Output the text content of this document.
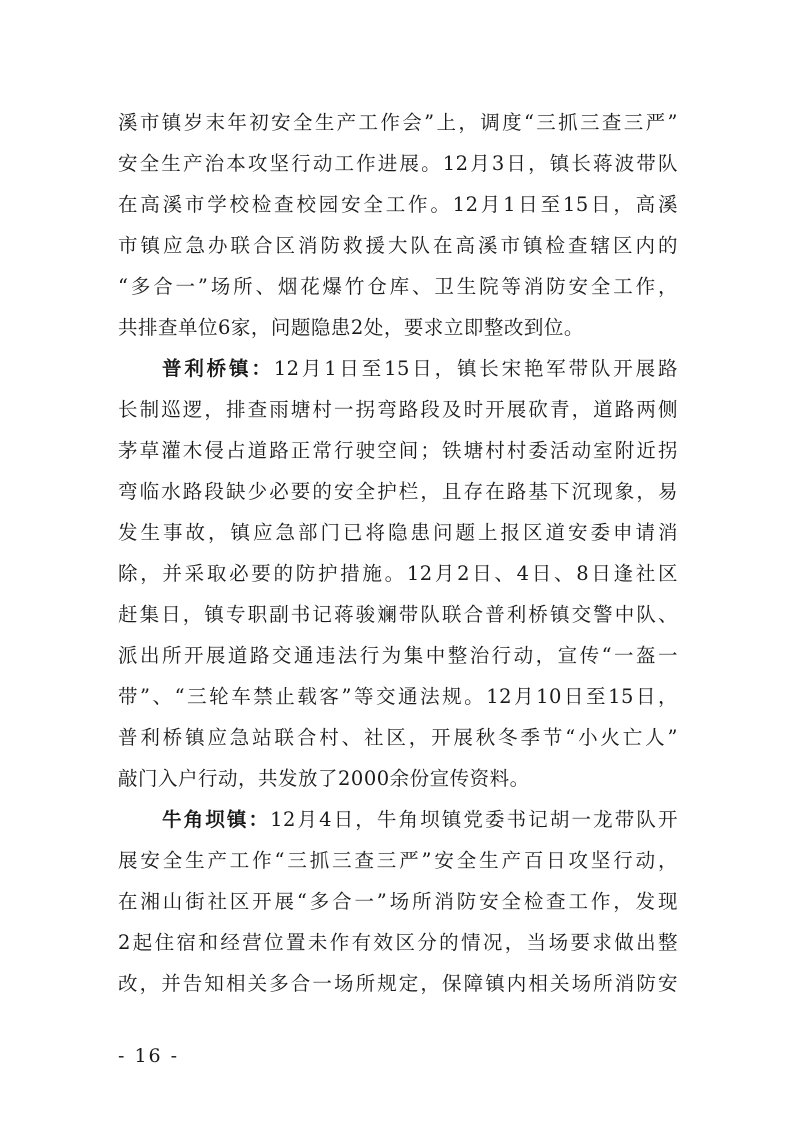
溪市镇岁末年初安全生产工作会”上，调度“三抓三查三严”
安全生产治本攻坚行动工作进展。12月3日，镇长蒋波带队
在高溪市学校检查校园安全工作。12月1日至15日，高溪
市镇应急办联合区消防救援大队在高溪市镇检查辖区内的
“多合一”场所、烟花爆竹仓库、卫生院等消防安全工作，
共排查单位6家，问题隐患2处，要求立即整改到位。
普利桥镇：12月1日至15日，镇长宋艳军带队开展路
长制巡逻，排查雨塘村一拐弯路段及时开展砍青，道路两侧
茅草灌木侵占道路正常行驶空间；铁塘村村委活动室附近拐
弯临水路段缺少必要的安全护栏，且存在路基下沉现象，易
发生事故，镇应急部门已将隐患问题上报区道安委申请消
除，并采取必要的防护措施。12月2日、4日、8日逢社区
赶集日，镇专职副书记蒋骏斓带队联合普利桥镇交警中队、
派出所开展道路交通违法行为集中整治行动，宣传“一盔一
带”、“三轮车禁止载客”等交通法规。12月10日至15日，
普利桥镇应急站联合村、社区，开展秋冬季节“小火亡人”
敲门入户行动，共发放了2000余份宣传资料。
牛角坝镇：12月4日，牛角坝镇党委书记胡一龙带队开
展安全生产工作“三抓三查三严”安全生产百日攻坚行动，
在湘山街社区开展“多合一”场所消防安全检查工作，发现
2起住宿和经营位置未作有效区分的情况，当场要求做出整
改，并告知相关多合一场所规定，保障镇内相关场所消防安
- 16 -
